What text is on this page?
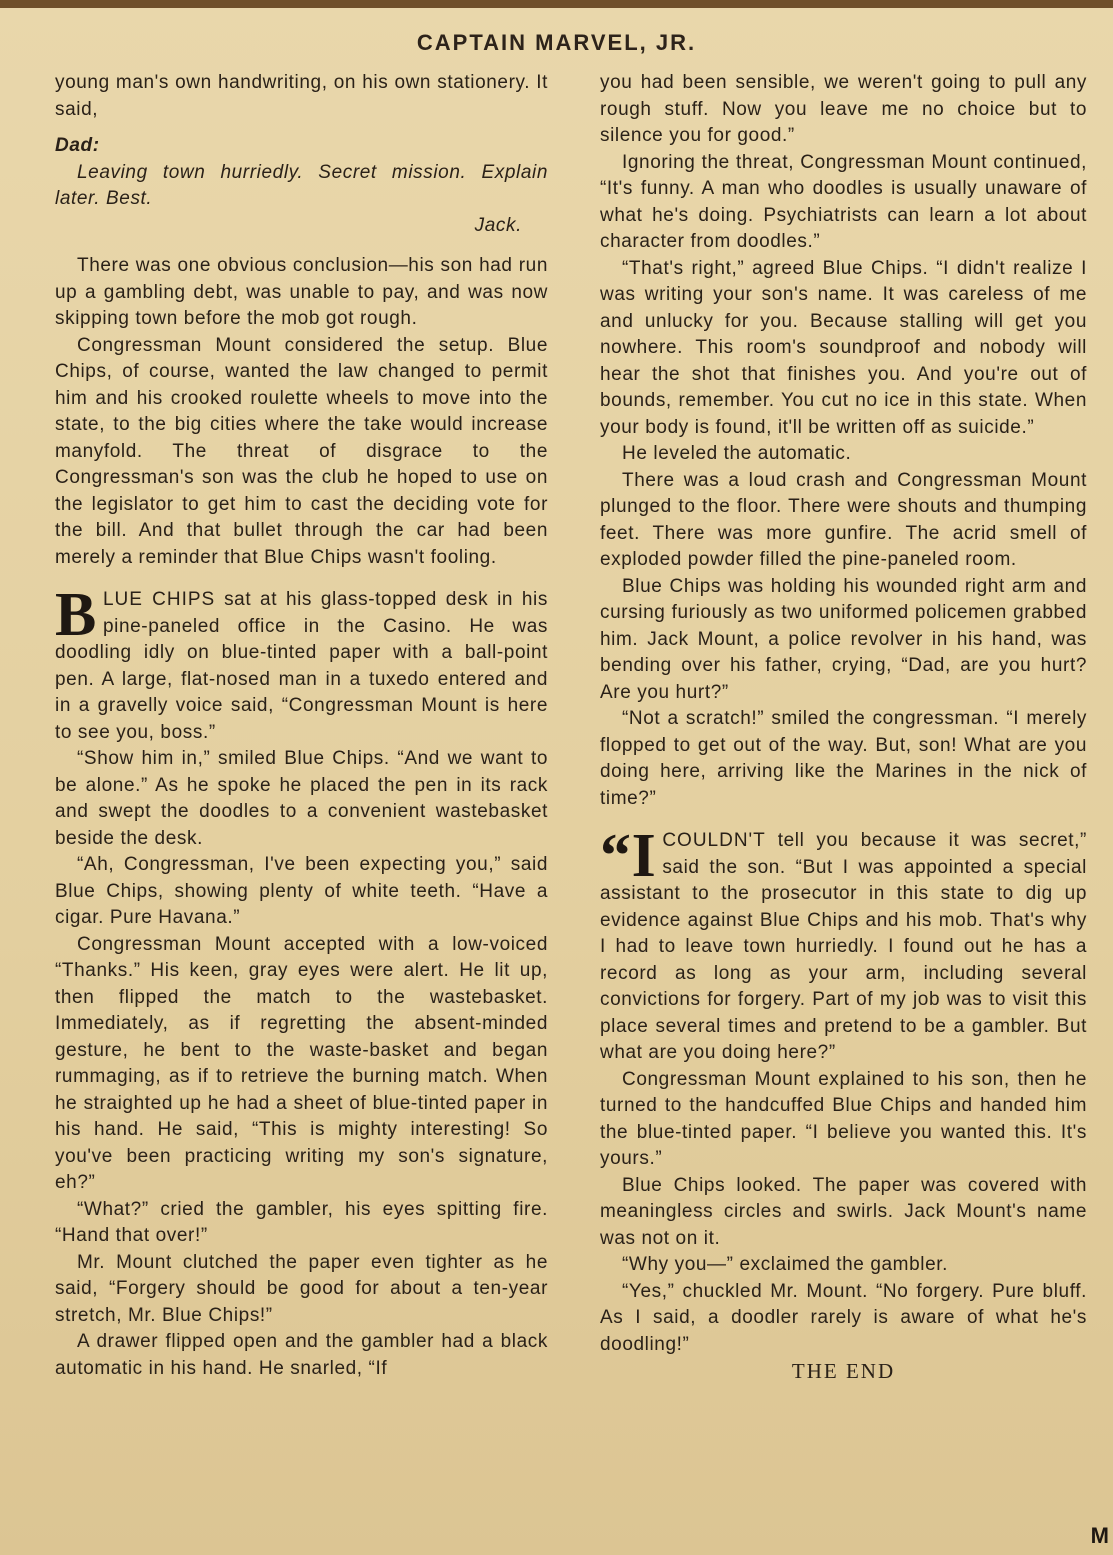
CAPTAIN MARVEL, JR.

young man's own handwriting, on his own stationery. It said,

Dad:

Leaving town hurriedly. Secret mission. Explain later. Best.

Jack.

There was one obvious conclusion—his son had run up a gambling debt, was unable to pay, and was now skipping town before the mob got rough.

Congressman Mount considered the setup. Blue Chips, of course, wanted the law changed to permit him and his crooked roulette wheels to move into the state, to the big cities where the take would increase manyfold. The threat of disgrace to the Congressman's son was the club he hoped to use on the legislator to get him to cast the deciding vote for the bill. And that bullet through the car had been merely a reminder that Blue Chips wasn't fooling.

BLUE CHIPS sat at his glass-topped desk in his pine-paneled office in the Casino. He was doodling idly on blue-tinted paper with a ball-point pen. A large, flat-nosed man in a tuxedo entered and in a gravelly voice said, “Congressman Mount is here to see you, boss.”

“Show him in,” smiled Blue Chips. “And we want to be alone.” As he spoke he placed the pen in its rack and swept the doodles to a convenient wastebasket beside the desk.

“Ah, Congressman, I've been expecting you,” said Blue Chips, showing plenty of white teeth. “Have a cigar. Pure Havana.”

Congressman Mount accepted with a low-voiced “Thanks.” His keen, gray eyes were alert. He lit up, then flipped the match to the wastebasket. Immediately, as if regretting the absent-minded gesture, he bent to the waste-basket and began rummaging, as if to retrieve the burning match. When he straighted up he had a sheet of blue-tinted paper in his hand. He said, “This is mighty interesting! So you've been practicing writing my son's signature, eh?”

“What?” cried the gambler, his eyes spitting fire. “Hand that over!”

Mr. Mount clutched the paper even tighter as he said, “Forgery should be good for about a ten-year stretch, Mr. Blue Chips!”

A drawer flipped open and the gambler had a black automatic in his hand. He snarled, “If

you had been sensible, we weren't going to pull any rough stuff. Now you leave me no choice but to silence you for good.”

Ignoring the threat, Congressman Mount continued, “It's funny. A man who doodles is usually unaware of what he's doing. Psychiatrists can learn a lot about character from doodles.”

“That's right,” agreed Blue Chips. “I didn't realize I was writing your son's name. It was careless of me and unlucky for you. Because stalling will get you nowhere. This room's soundproof and nobody will hear the shot that finishes you. And you're out of bounds, remember. You cut no ice in this state. When your body is found, it'll be written off as suicide.”

He leveled the automatic.

There was a loud crash and Congressman Mount plunged to the floor. There were shouts and thumping feet. There was more gunfire. The acrid smell of exploded powder filled the pine-paneled room.

Blue Chips was holding his wounded right arm and cursing furiously as two uniformed policemen grabbed him. Jack Mount, a police revolver in his hand, was bending over his father, crying, “Dad, are you hurt? Are you hurt?”

“Not a scratch!” smiled the congressman. “I merely flopped to get out of the way. But, son! What are you doing here, arriving like the Marines in the nick of time?”

“I COULDN'T tell you because it was secret,” said the son. “But I was appointed a special assistant to the prosecutor in this state to dig up evidence against Blue Chips and his mob. That's why I had to leave town hurriedly. I found out he has a record as long as your arm, including several convictions for forgery. Part of my job was to visit this place several times and pretend to be a gambler. But what are you doing here?”

Congressman Mount explained to his son, then he turned to the handcuffed Blue Chips and handed him the blue-tinted paper. “I believe you wanted this. It's yours.”

Blue Chips looked. The paper was covered with meaningless circles and swirls. Jack Mount's name was not on it.

“Why you—” exclaimed the gambler.

“Yes,” chuckled Mr. Mount. “No forgery. Pure bluff. As I said, a doodler rarely is aware of what he's doodling!”

THE END

M
